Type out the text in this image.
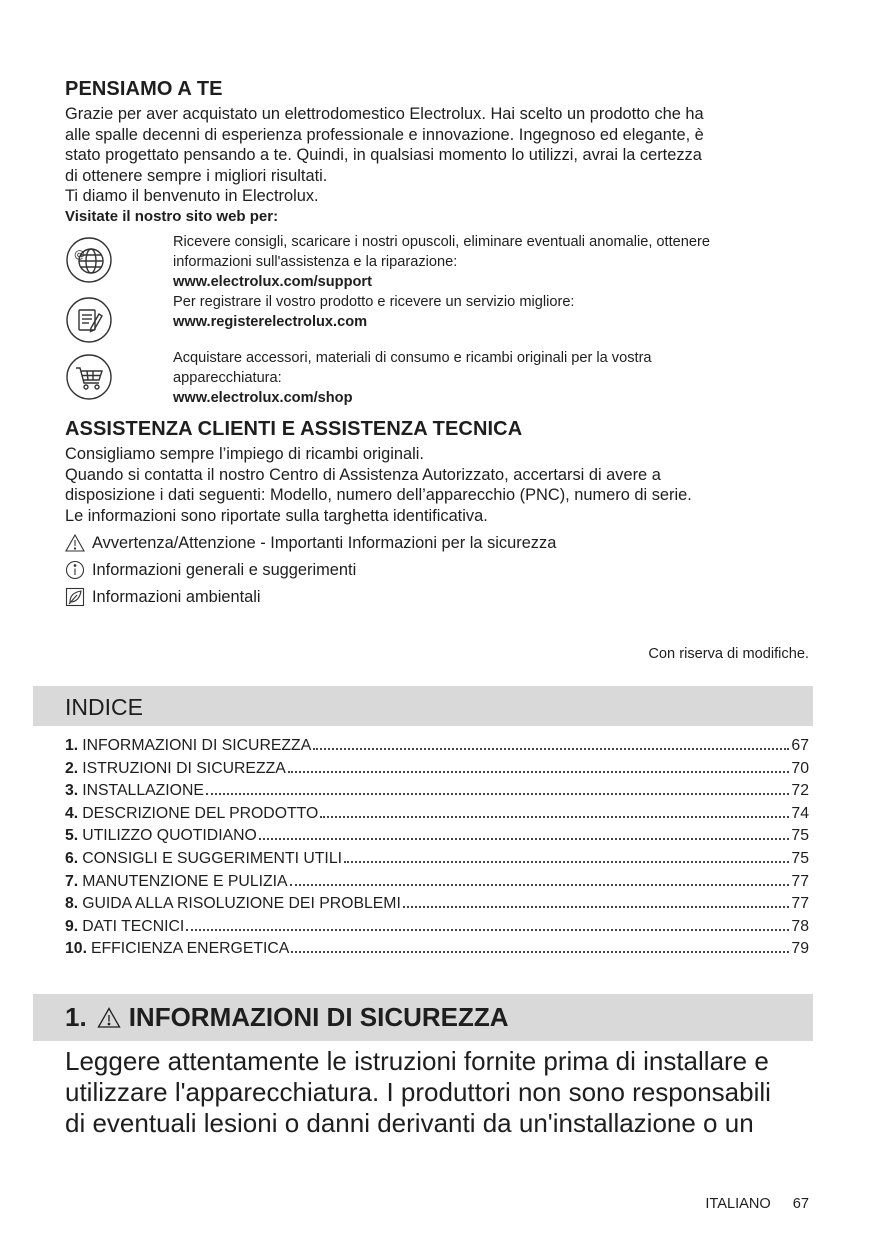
PENSIAMO A TE

Grazie per aver acquistato un elettrodomestico Electrolux. Hai scelto un prodotto che ha

alle spalle decenni di esperienza professionale e innovazione. Ingegnoso ed elegante, è

stato progettato pensando a te. Quindi, in qualsiasi momento lo utilizzi, avrai la certezza

di ottenere sempre i migliori risultati.

Ti diamo il benvenuto in Electrolux.

Visitate il nostro sito web per:

@

Ricevere consigli, scaricare i nostri opuscoli, eliminare eventuali anomalie, ottenere

informazioni sull'assistenza e la riparazione:

www.electrolux.com/support

Per registrare il vostro prodotto e ricevere un servizio migliore:

www.registerelectrolux.com

Acquistare accessori, materiali di consumo e ricambi originali per la vostra

apparecchiatura:

www.electrolux.com/shop

ASSISTENZA CLIENTI E ASSISTENZA TECNICA

Consigliamo sempre l’impiego di ricambi originali.

Quando si contatta il nostro Centro di Assistenza Autorizzato, accertarsi di avere a

disposizione i dati seguenti: Modello, numero dell’apparecchio (PNC), numero di serie.

Le informazioni sono riportate sulla targhetta identificativa.

Avvertenza/Attenzione - Importanti Informazioni per la sicurezza
Informazioni generali e suggerimenti
Informazioni ambientali
Con riserva di modifiche.
INDICE
1. INFORMAZIONI DI SICUREZZA	67
2. ISTRUZIONI DI SICUREZZA	70
3. INSTALLAZIONE	72
4. DESCRIZIONE DEL PRODOTTO	74
5. UTILIZZO QUOTIDIANO	75
6. CONSIGLI E SUGGERIMENTI UTILI	75
7. MANUTENZIONE E PULIZIA	77
8. GUIDA ALLA RISOLUZIONE DEI PROBLEMI	77
9. DATI TECNICI	78
10. EFFICIENZA ENERGETICA	79
1. INFORMAZIONI DI SICUREZZA
Leggere attentamente le istruzioni fornite prima di installare e
utilizzare l'apparecchiatura. I produttori non sono responsabili
di eventuali lesioni o danni derivanti da un'installazione o un
ITALIANO 67
